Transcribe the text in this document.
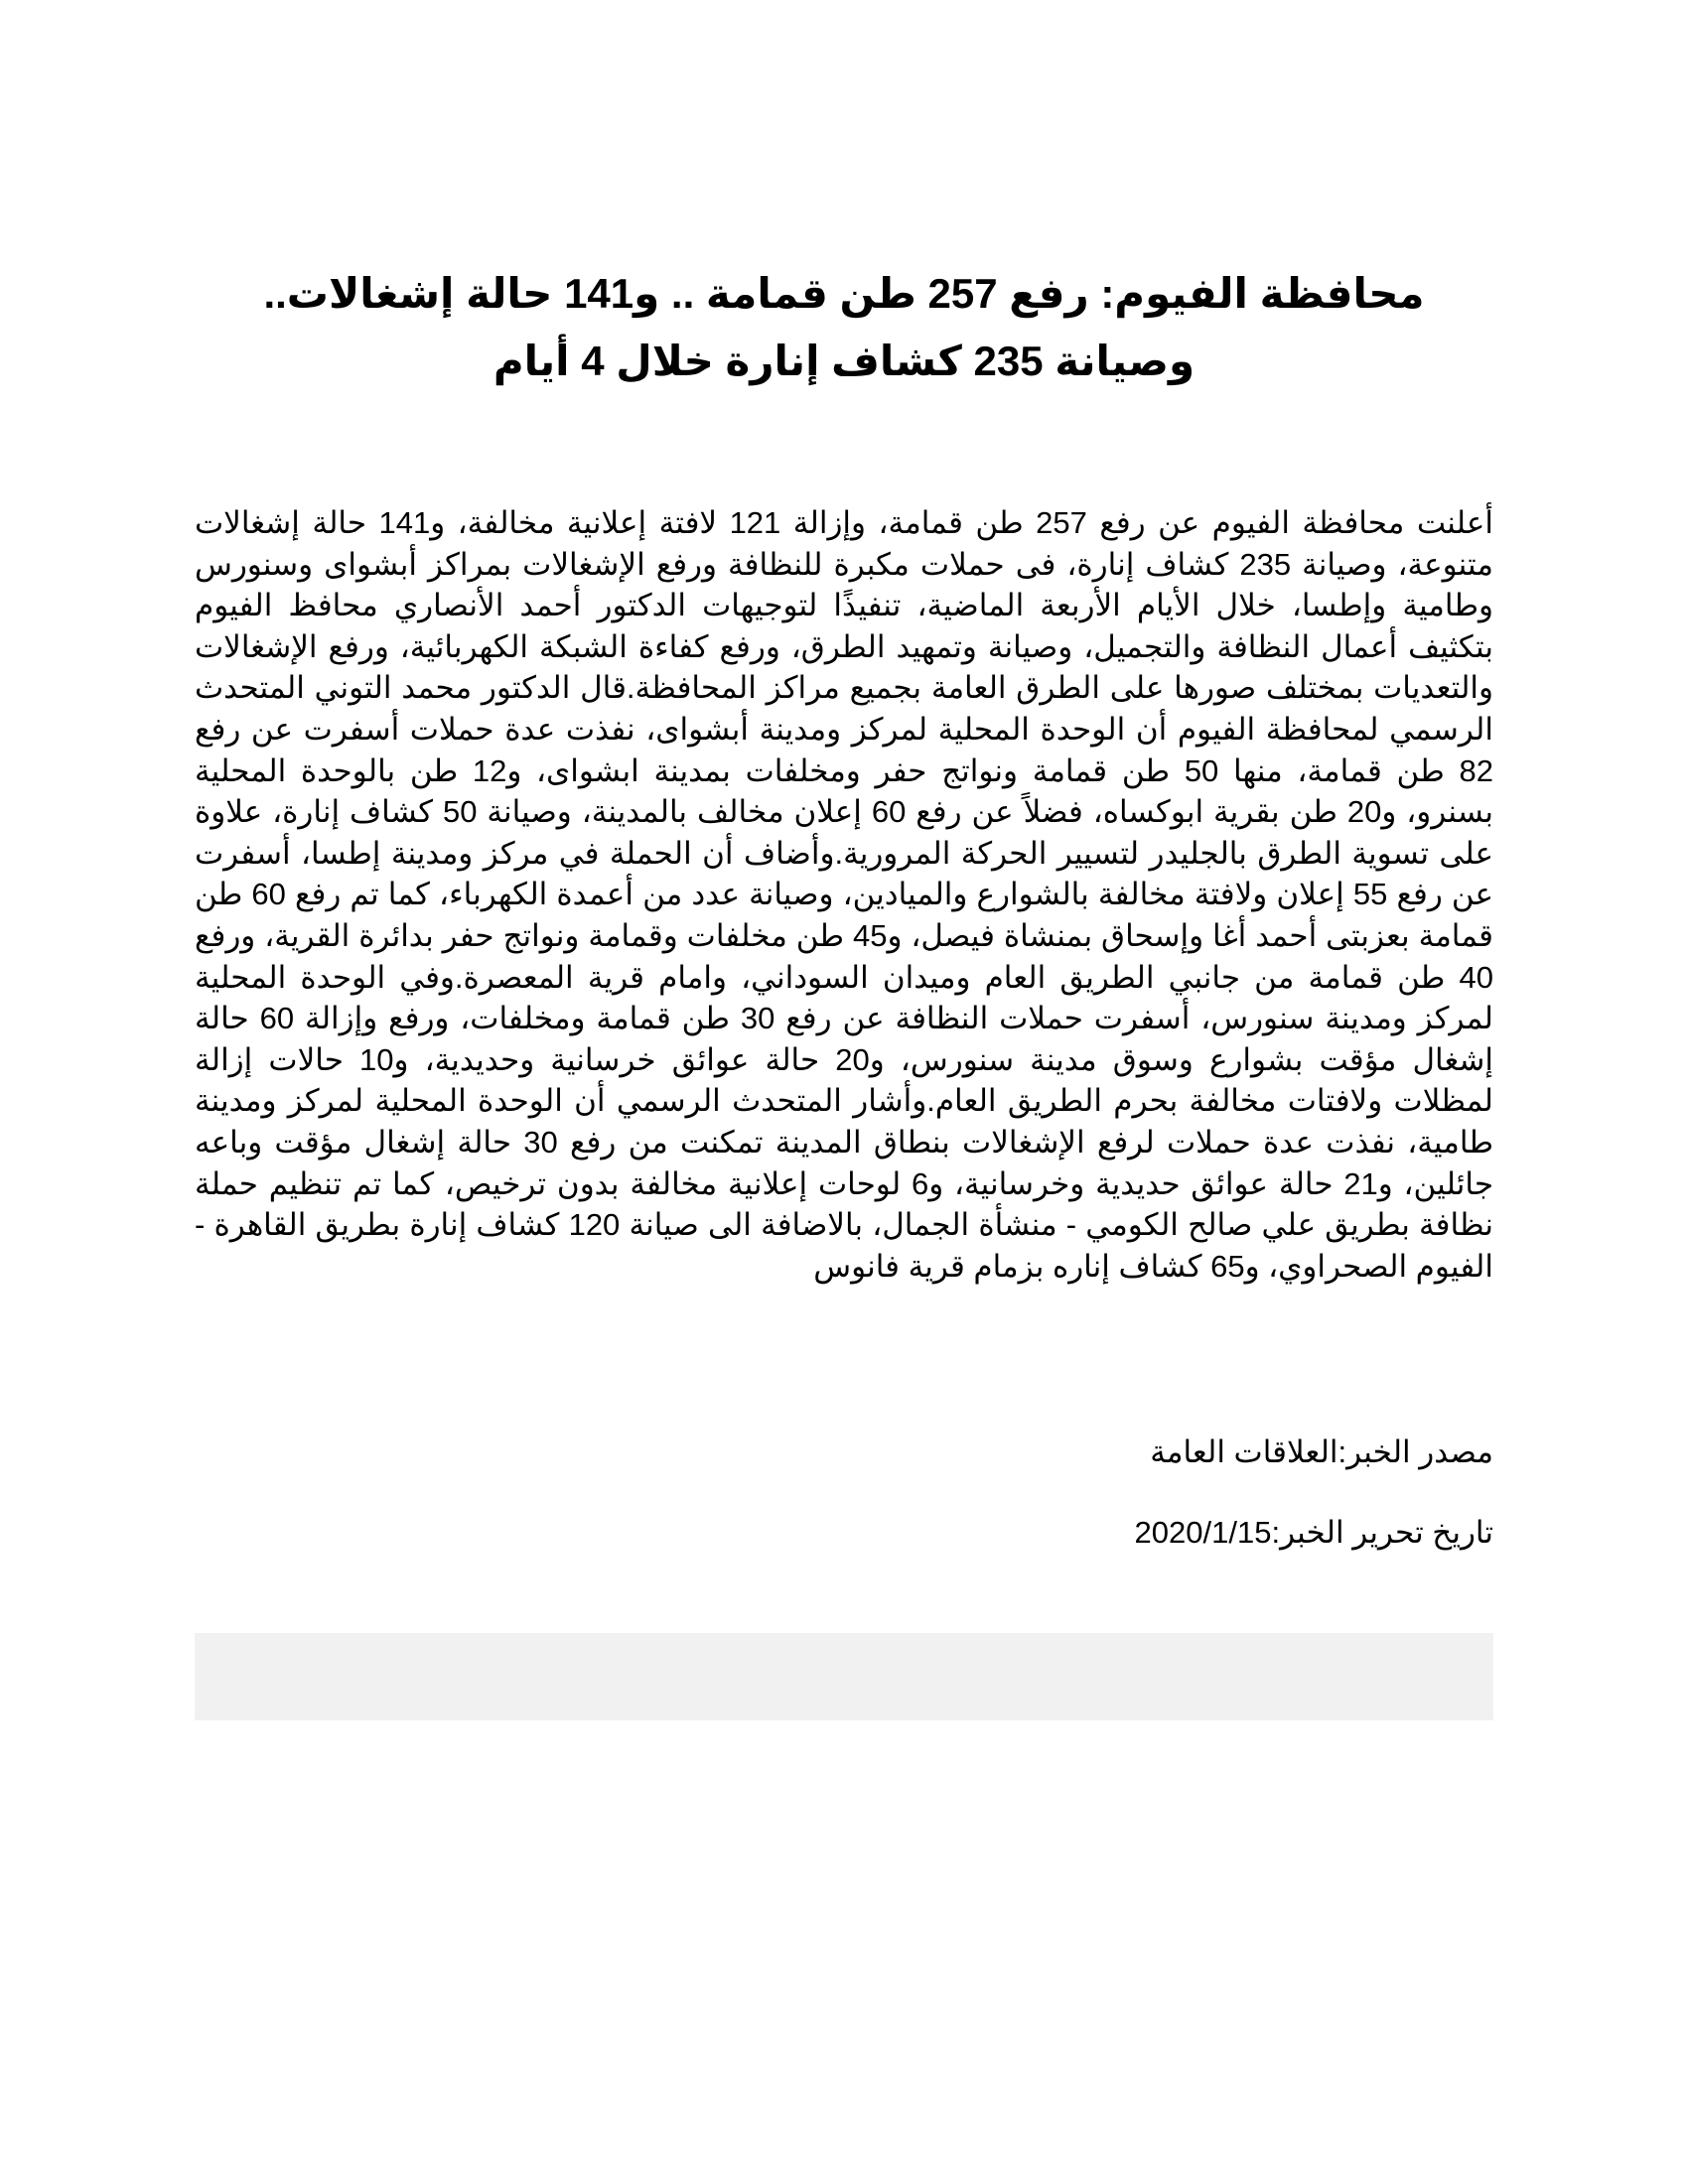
محافظة الفيوم: رفع 257 طن قمامة .. و141 حالة إشغالات.. وصيانة 235 كشاف إنارة خلال 4 أيام

أعلنت محافظة الفيوم عن رفع 257 طن قمامة، وإزالة 121 لافتة إعلانية مخالفة، و141 حالة إشغالات متنوعة، وصيانة 235 كشاف إنارة، فى حملات مكبرة للنظافة ورفع الإشغالات بمراكز أبشواى وسنورس وطامية وإطسا، خلال الأيام الأربعة الماضية، تنفيذًا لتوجيهات الدكتور أحمد الأنصاري محافظ الفيوم بتكثيف أعمال النظافة والتجميل، وصيانة وتمهيد الطرق، ورفع كفاءة الشبكة الكهربائية، ورفع الإشغالات والتعديات بمختلف صورها على الطرق العامة بجميع مراكز المحافظة.قال الدكتور محمد التوني المتحدث الرسمي لمحافظة الفيوم أن الوحدة المحلية لمركز ومدينة أبشواى، نفذت عدة حملات أسفرت عن رفع 82 طن قمامة، منها 50 طن قمامة ونواتج حفر ومخلفات بمدينة ابشواى، و12 طن بالوحدة المحلية بسنرو، و20 طن بقرية ابوكساه، فضلاً عن رفع 60 إعلان مخالف بالمدينة، وصيانة 50 كشاف إنارة، علاوة على تسوية الطرق بالجليدر لتسيير الحركة المرورية.وأضاف أن الحملة في مركز ومدينة إطسا، أسفرت عن رفع 55 إعلان ولافتة مخالفة بالشوارع والميادين، وصيانة عدد من أعمدة الكهرباء، كما تم رفع 60 طن قمامة بعزبتى أحمد أغا وإسحاق بمنشاة فيصل، و45 طن مخلفات وقمامة ونواتج حفر بدائرة القرية، ورفع 40 طن قمامة من جانبي الطريق العام وميدان السوداني، وامام قرية المعصرة.وفي الوحدة المحلية لمركز ومدينة سنورس، أسفرت حملات النظافة عن رفع 30 طن قمامة ومخلفات، ورفع وإزالة 60 حالة إشغال مؤقت بشوارع وسوق مدينة سنورس، و20 حالة عوائق خرسانية وحديدية، و10 حالات إزالة لمظلات ولافتات مخالفة بحرم الطريق العام.وأشار المتحدث الرسمي أن الوحدة المحلية لمركز ومدينة طامية، نفذت عدة حملات لرفع الإشغالات بنطاق المدينة تمكنت من رفع 30 حالة إشغال مؤقت وباعه جائلين، و21 حالة عوائق حديدية وخرسانية، و6 لوحات إعلانية مخالفة بدون ترخيص، كما تم تنظيم حملة نظافة بطريق علي صالح الكومي - منشأة الجمال، بالاضافة الى صيانة 120 كشاف إنارة بطريق القاهرة - الفيوم الصحراوي، و65 كشاف إناره بزمام قرية فانوس

مصدر الخبر:العلاقات العامة

تاريخ تحرير الخبر:2020/1/15
